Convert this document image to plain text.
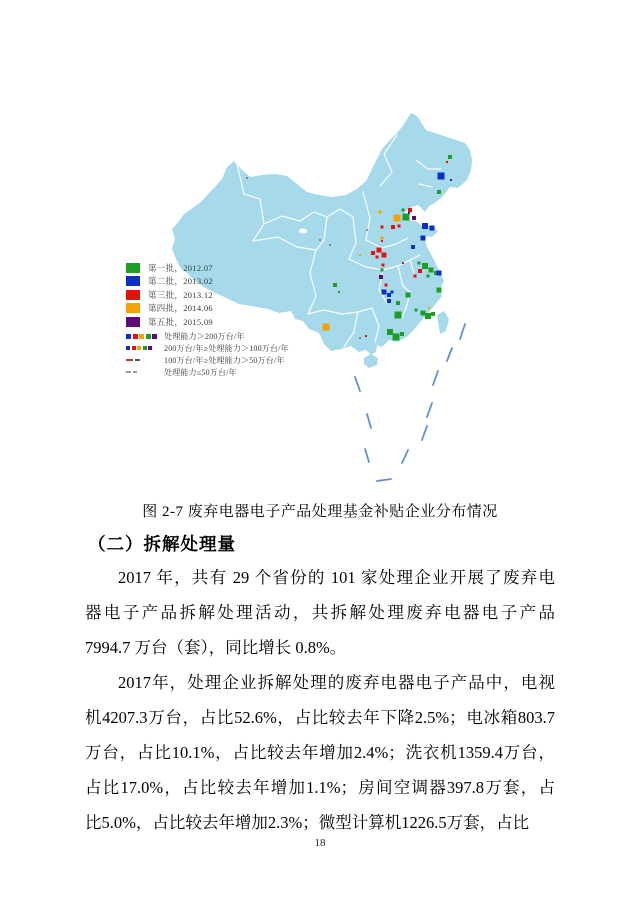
第一批，2012.07
第二批，2013.02
第三批，2013.12
第四批，2014.06
第五批，2015.09
处理能力＞200万台/年
200万台/年≥处理能力＞100万台/年
100万台/年≥处理能力＞50万台/年
处理能力≤50万台/年
图 2-7 废弃电器电子产品处理基金补贴企业分布情况
（二）拆解处理量
2017 年，共有 29 个省份的 101 家处理企业开展了废弃电
器电子产品拆解处理活动，共拆解处理废弃电器电子产品
7994.7 万台（套），同比增长 0.8%。
2017年，处理企业拆解处理的废弃电器电子产品中，电视
机4207.3万台，占比52.6%，占比较去年下降2.5%；电冰箱803.7
万台，占比10.1%，占比较去年增加2.4%；洗衣机1359.4万台，
占比17.0%，占比较去年增加1.1%；房间空调器397.8万套，占
比5.0%，占比较去年增加2.3%；微型计算机1226.5万套，占比
18
